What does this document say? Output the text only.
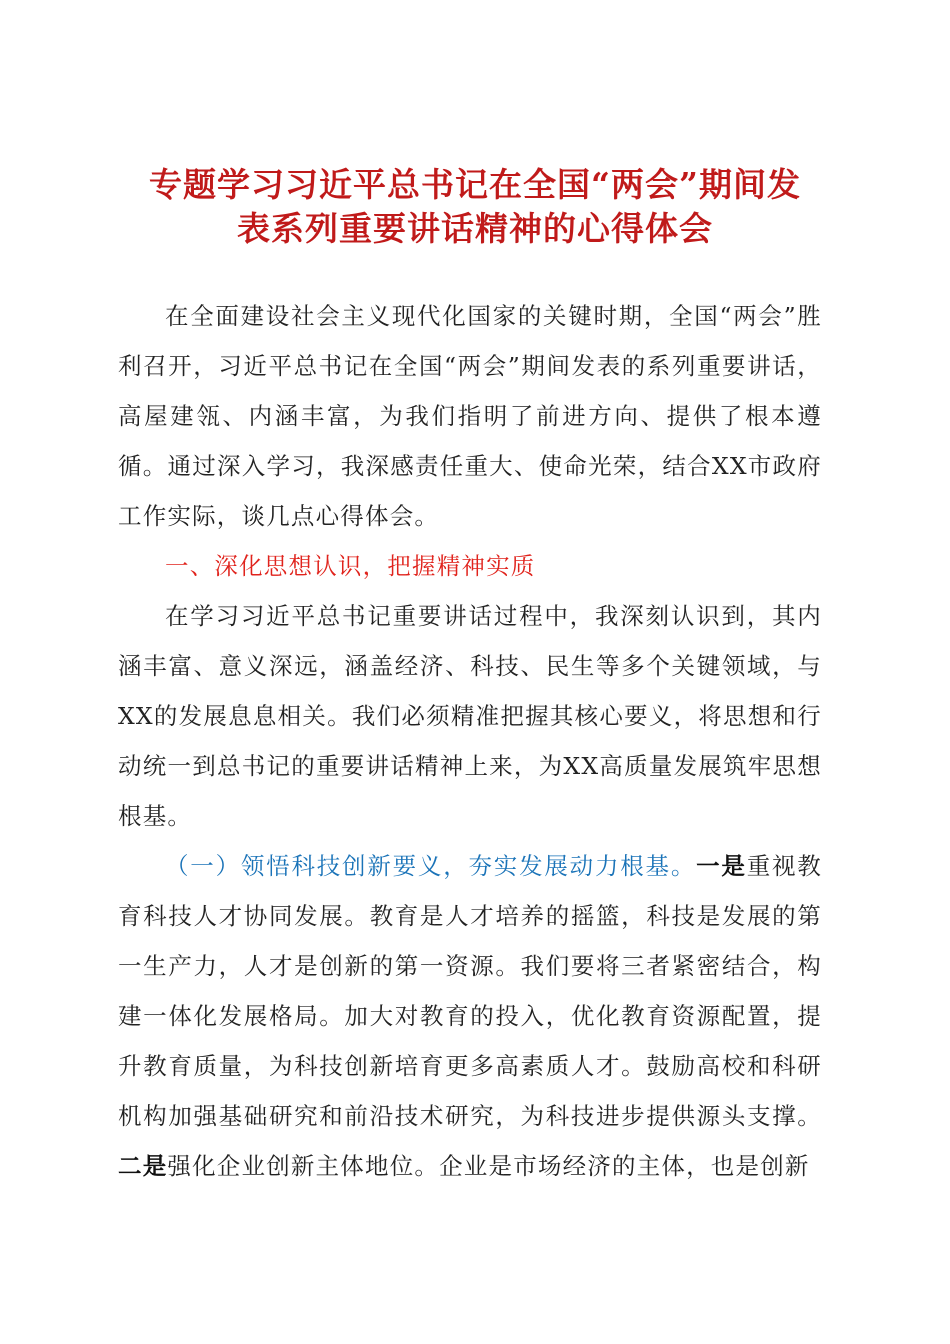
专题学习习近平总书记在全国“两会”期间发
表系列重要讲话精神的心得体会

在全面建设社会主义现代化国家的关键时期，全国“两会”胜利召开，习近平总书记在全国“两会”期间发表的系列重要讲话，高屋建瓴、内涵丰富，为我们指明了前进方向、提供了根本遵循。通过深入学习，我深感责任重大、使命光荣，结合XX市政府工作实际，谈几点心得体会。

一、深化思想认识，把握精神实质

在学习习近平总书记重要讲话过程中，我深刻认识到，其内涵丰富、意义深远，涵盖经济、科技、民生等多个关键领域，与XX的发展息息相关。我们必须精准把握其核心要义，将思想和行动统一到总书记的重要讲话精神上来，为XX高质量发展筑牢思想根基。

（一）领悟科技创新要义，夯实发展动力根基。一是重视教育科技人才协同发展。教育是人才培养的摇篮，科技是发展的第一生产力，人才是创新的第一资源。我们要将三者紧密结合，构建一体化发展格局。加大对教育的投入，优化教育资源配置，提升教育质量，为科技创新培育更多高素质人才。鼓励高校和科研机构加强基础研究和前沿技术研究，为科技进步提供源头支撑。二是强化企业创新主体地位。企业是市场经济的主体，也是创新
